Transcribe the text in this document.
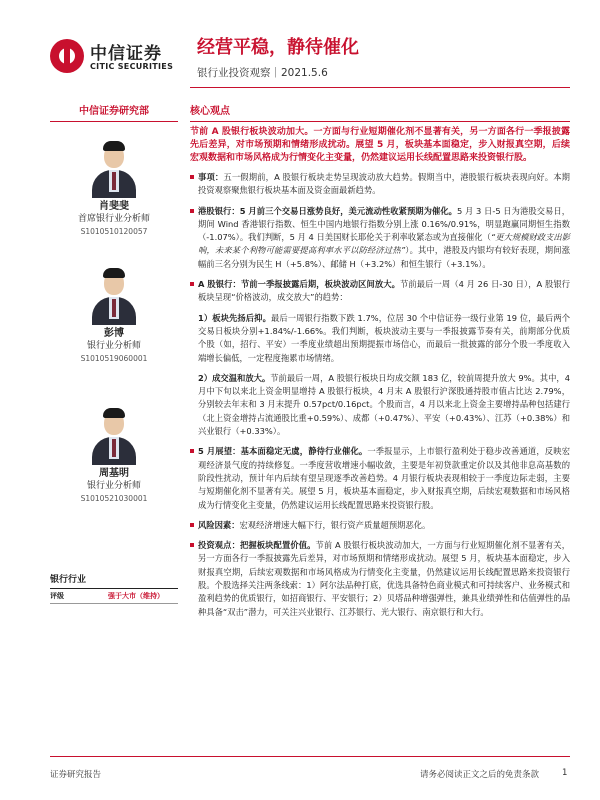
中信证券
CITIC SECURITIES
经营平稳，静待催化
银行业投资观察｜2021.5.6
中信证券研究部
肖斐斐
首席银行业分析师
S1010510120057
彭博
银行业分析师
S1010519060001
周基明
银行业分析师
S1010521030001
银行行业
评级	强于大市（维持）
核心观点
节前 A 股银行板块波动加大。一方面与行业短期催化剂不显著有关，另一方面各行一季报披露先后差异，对市场预期和情绪形成扰动。展望 5 月，板块基本面稳定，步入财报真空期，后续宏观数据和市场风格成为行情变化主变量，仍然建议运用长线配置思路来投资银行股。
事项：五一假期前，A 股银行板块走势呈现波动放大趋势。假期当中，港股银行板块表现向好。本期投资观察聚焦银行板块基本面及资金面最新趋势。
港股银行：5 月前三个交易日涨势良好，美元流动性收紧预期为催化。5 月 3 日-5 日为港股交易日，期间 Wind 香港银行指数、恒生中国内地银行指数分别上涨 0.16%/0.91%，明显跑赢同期恒生指数（-1.07%）。我们判断，5 月 4 日美国财长耶伦关于利率收紧态或为直接催化（“更大规模财政支出影响，未来某个利物可能需要提高利率水平以防经济过热”）。其中，港股及内银均有较好表现，期间涨幅前三名分别为民生 H（+5.8%）、邮储 H（+3.2%）和恒生银行（+3.1%）。
A 股银行：节前一季报披露后期，板块波动区间放大。节前最后一周（4 月 26 日-30 日），A 股银行板块呈现“价格波动，成交放大”的趋势：
1）板块先扬后抑。最后一周银行指数下跌 1.7%，位居 30 个中信证券一级行业第 19 位，最后两个交易日板块分别+1.84%/-1.66%。我们判断，板块波动主要与一季报披露节奏有关，前期部分优质个股（如，招行、平安）一季度业绩超出预期提振市场信心，而最后一批披露的部分个股一季度收入端增长偏低，一定程度拖累市场情绪。
2）成交温和放大。节前最后一周，A 股银行板块日均成交额 183 亿，较前周提升放大 9%。其中，4 月中下旬以来北上资金明显增持 A 股银行板块，4 月末 A 股银行沪深股通持股市值占比达 2.79%，分别较去年末和 3 月末提升 0.57pct/0.16pct。个股而言，4 月以来北上资金主要增持品种包括建行（北上资金增持占流通股比重+0.59%）、成都（+0.47%）、平安（+0.43%）、江苏（+0.38%）和兴业银行（+0.33%）。
5 月展望：基本面稳定无虞，静待行业催化。一季报显示，上市银行盈利处于稳步改善通道，反映宏观经济景气度的持续修复。一季度营收增速小幅收敛，主要是年初贷款重定价以及其他非息高基数的阶段性扰动，预计年内后续有望呈现逐季改善趋势。4 月银行板块表现相较于一季度边际走弱，主要与短期催化剂不显著有关。展望 5 月，板块基本面稳定，步入财报真空期，后续宏观数据和市场风格成为行情变化主变量，仍然建议运用长线配置思路来投资银行股。
风险因素：宏观经济增速大幅下行，银行资产质量超预期恶化。
投资观点：把握板块配置价值。节前 A 股银行板块波动加大，一方面与行业短期催化剂不显著有关，另一方面各行一季报披露先后差异，对市场预期和情绪形成扰动。展望 5 月，板块基本面稳定，步入财报真空期，后续宏观数据和市场风格成为行情变化主变量，仍然建议运用长线配置思路来投资银行股。个股选择关注两条线索：1）阿尔法品种打底，优选具备特色商业模式和可持续客户、业务模式和盈利趋势的优质银行，如招商银行、平安银行；2）贝塔品种增强弹性，兼具业绩弹性和估值弹性的品种具备“双击”潜力，可关注兴业银行、江苏银行、光大银行、南京银行和大行。
证券研究报告	请务必阅读正文之后的免责条款	1
